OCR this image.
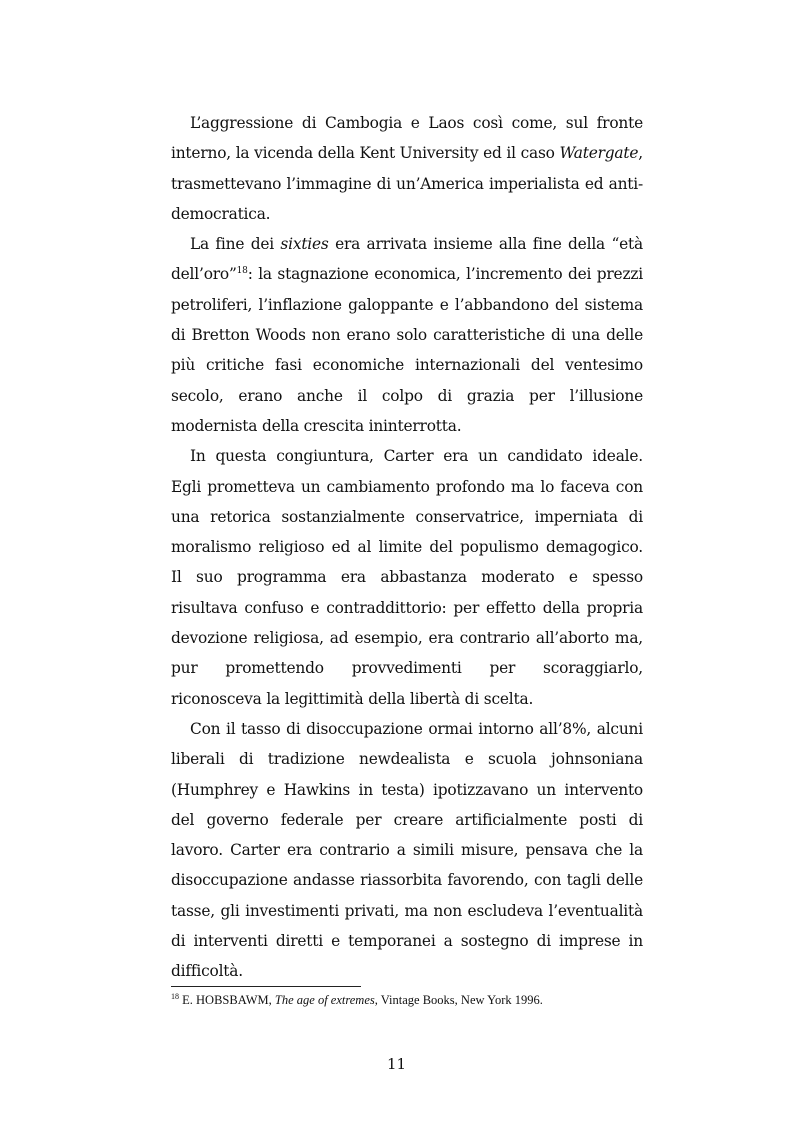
L’aggressione di Cambogia e Laos così come, sul fronte interno, la vicenda della Kent University ed il caso Watergate, trasmettevano l’immagine di un’America imperialista ed anti-democratica.

La fine dei sixties era arrivata insieme alla fine della “età dell’oro”$^{18}$: la stagnazione economica, l’incremento dei prezzi petroliferi, l’inflazione galoppante e l’abbandono del sistema di Bretton Woods non erano solo caratteristiche di una delle più critiche fasi economiche internazionali del ventesimo secolo, erano anche il colpo di grazia per l’illusione modernista della crescita ininterrotta.

In questa congiuntura, Carter era un candidato ideale.  Egli prometteva un cambiamento profondo ma lo faceva con una retorica sostanzialmente conservatrice, imperniata di moralismo religioso ed al limite del populismo demagogico.      Il suo programma era abbastanza moderato e spesso risultava confuso e contraddittorio: per effetto della propria devozione religiosa, ad esempio, era contrario all’aborto ma, pur promettendo provvedimenti per scoraggiarlo, riconosceva la legittimità della libertà di scelta.

Con il tasso di disoccupazione ormai intorno all’8%, alcuni liberali di tradizione newdealista e scuola johnsoniana (Humphrey e Hawkins in testa) ipotizzavano un intervento del governo federale per creare artificialmente posti di lavoro. Carter era contrario a simili misure, pensava che la disoccupazione andasse riassorbita favorendo, con tagli delle tasse, gli investimenti privati, ma non escludeva l’eventualità di interventi diretti e temporanei a sostegno di imprese in difficoltà.

$^{18}$ E. HOBSBAWM, The age of extremes, Vintage Books, New York 1996.
11
